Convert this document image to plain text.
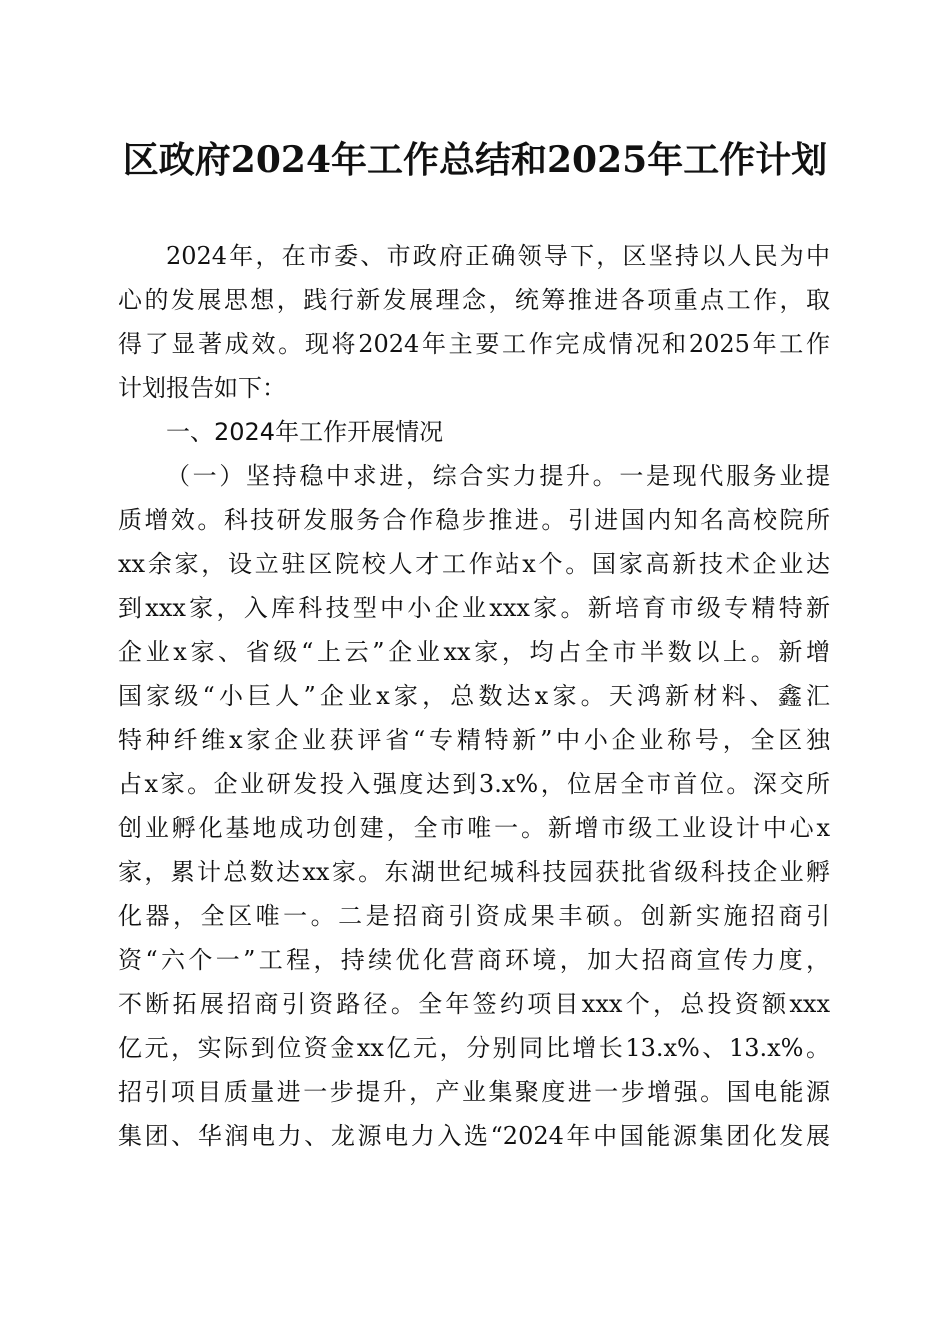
区政府2024年工作总结和2025年工作计划
2024年，在市委、市政府正确领导下，区坚持以人民为中
心的发展思想，践行新发展理念，统筹推进各项重点工作，取
得了显著成效。现将2024年主要工作完成情况和2025年工作
计划报告如下：
一、2024年工作开展情况
（一）坚持稳中求进，综合实力提升。一是现代服务业提
质增效。科技研发服务合作稳步推进。引进国内知名高校院所
xx余家，设立驻区院校人才工作站x个。国家高新技术企业达
到xxx家，入库科技型中小企业xxx家。新培育市级专精特新
企业x家、省级“上云”企业xx家，均占全市半数以上。新增
国家级“小巨人”企业x家，总数达x家。天鸿新材料、鑫汇
特种纤维x家企业获评省“专精特新”中小企业称号，全区独
占x家。企业研发投入强度达到3.x%，位居全市首位。深交所
创业孵化基地成功创建，全市唯一。新增市级工业设计中心x
家，累计总数达xx家。东湖世纪城科技园获批省级科技企业孵
化器，全区唯一。二是招商引资成果丰硕。创新实施招商引
资“六个一”工程，持续优化营商环境，加大招商宣传力度，
不断拓展招商引资路径。全年签约项目xxx个，总投资额xxx
亿元，实际到位资金xx亿元，分别同比增长13.x%、13.x%。
招引项目质量进一步提升，产业集聚度进一步增强。国电能源
集团、华润电力、龙源电力入选“2024年中国能源集团化发展
